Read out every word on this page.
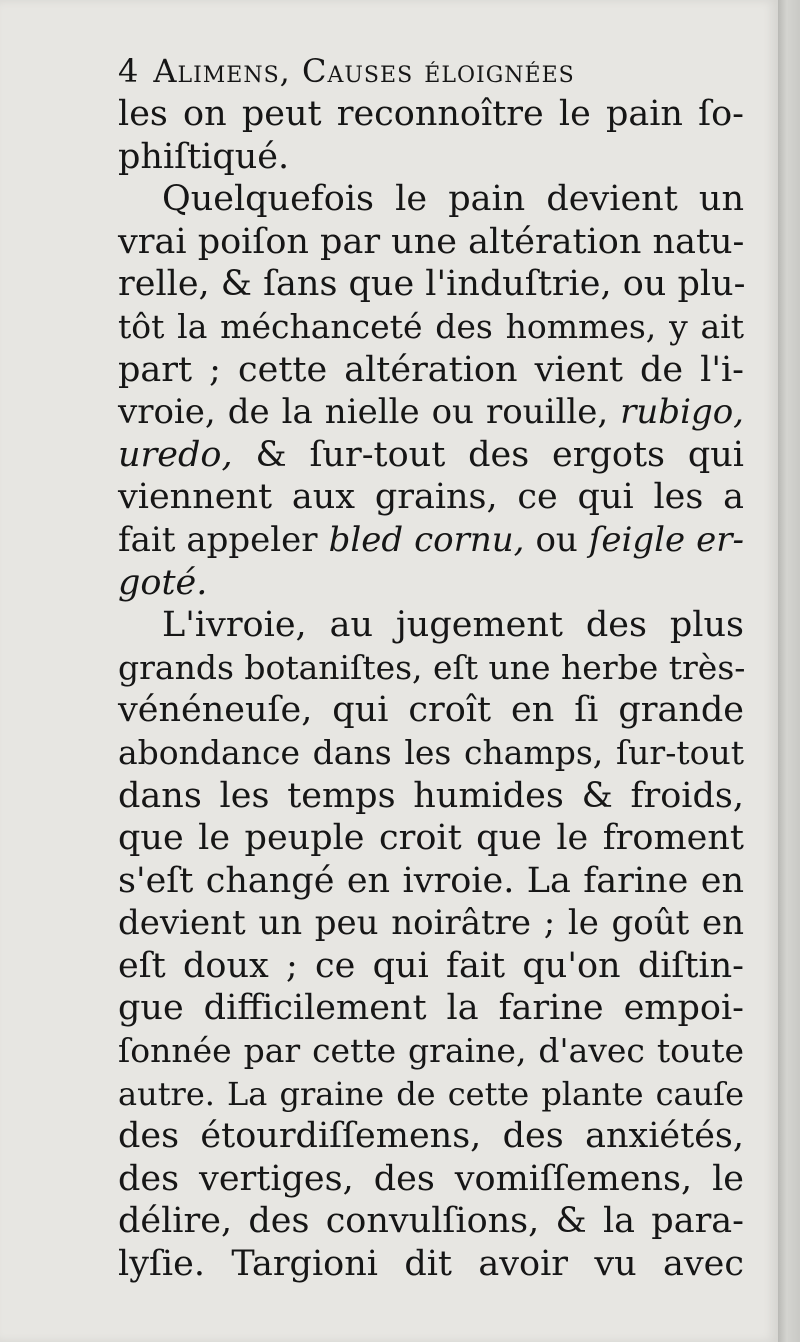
4 Alimens, Causes éloignées
les on peut reconnoître le pain ſo-
phiſtiqué.
Quelquefois le pain devient un
vrai poiſon par une altération natu-
relle, & ſans que l'induſtrie, ou plu-
tôt la méchanceté des hommes, y ait
part ; cette altération vient de l'i-
vroie, de la nielle ou rouille, rubigo,
uredo, & ſur-tout des ergots qui
viennent aux grains, ce qui les a
fait appeler bled cornu, ou ſeigle er-
goté.
L'ivroie, au jugement des plus
grands botaniſtes, eſt une herbe très-
vénéneuſe, qui croît en ſi grande
abondance dans les champs, ſur-tout
dans les temps humides & froids,
que le peuple croit que le froment
s'eſt changé en ivroie. La farine en
devient un peu noirâtre ; le goût en
eſt doux ; ce qui fait qu'on diſtin-
gue difficilement la farine empoi-
ſonnée par cette graine, d'avec toute
autre. La graine de cette plante cauſe
des étourdiſſemens, des anxiétés,
des vertiges, des vomiſſemens, le
délire, des convulſions, & la para-
lyſie. Targioni dit avoir vu avec
